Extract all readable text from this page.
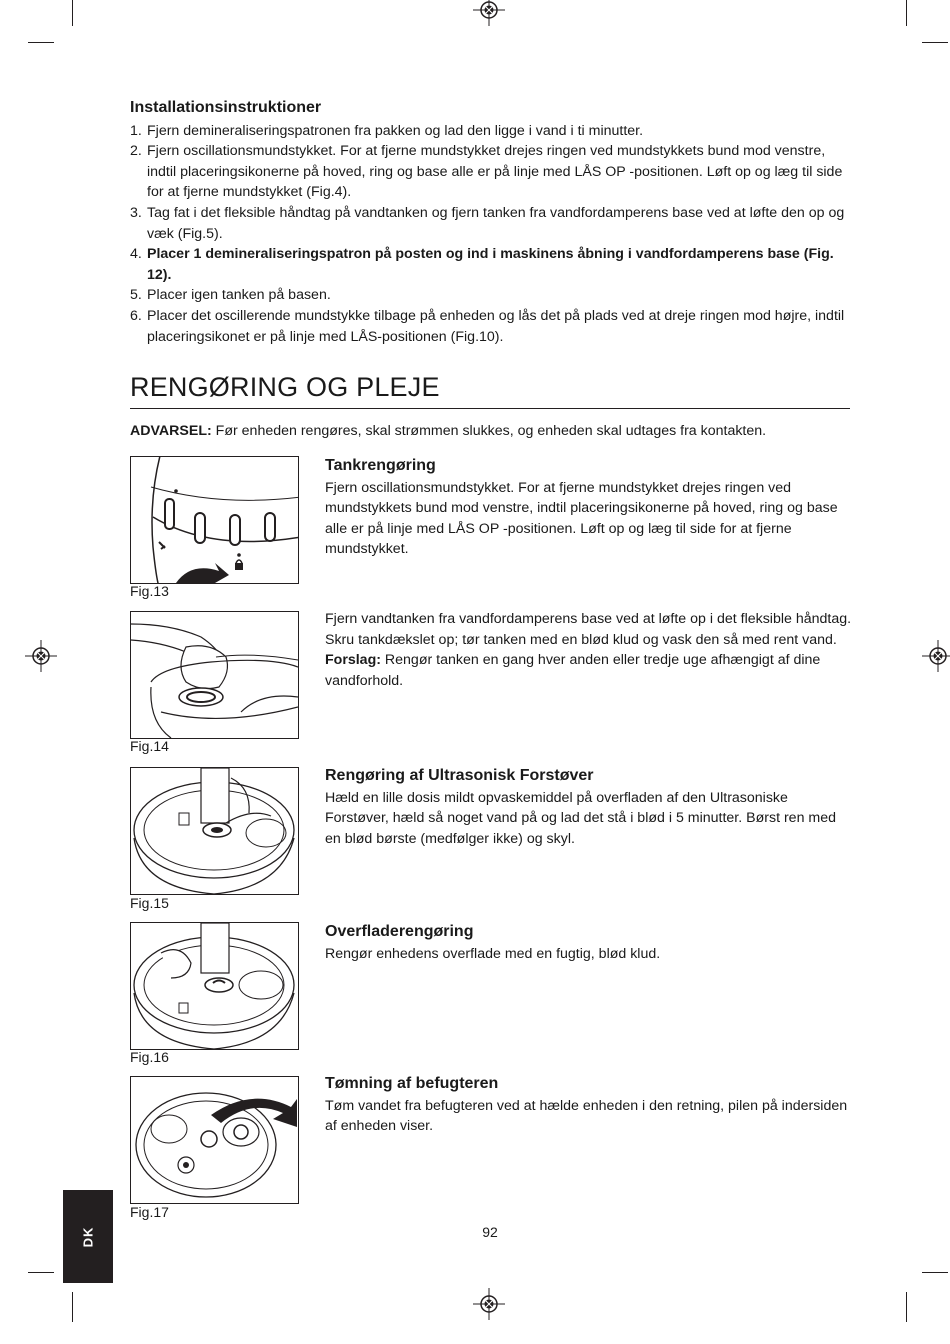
Installationsinstruktioner
1. Fjern demineraliseringspatronen fra pakken og lad den ligge i vand i ti minutter.
2. Fjern oscillationsmundstykket. For at fjerne mundstykket drejes ringen ved mundstykkets bund mod venstre, indtil placeringsikonerne på hoved, ring og base alle er på linje med LÅS OP -positionen. Løft op og læg til side for at fjerne mundstykket (Fig.4).
3. Tag fat i det fleksible håndtag på vandtanken og fjern tanken fra vandfordamperens base ved at løfte den op og væk (Fig.5).
4. Placer 1 demineraliseringspatron på posten og ind i maskinens åbning i vandfordamperens base (Fig. 12).
5. Placer igen tanken på basen.
6. Placer det oscillerende mundstykke tilbage på enheden og lås det på plads ved at dreje ringen mod højre, indtil placeringsikonet er på linje med LÅS-positionen (Fig.10).
RENGØRING OG PLEJE
ADVARSEL: Før enheden rengøres, skal strømmen slukkes, og enheden skal udtages fra kontakten.
Fig.13
Fig.14
Fig.15
Fig.16
Fig.17
Tankrengøring

Fjern oscillationsmundstykket. For at fjerne mundstykket drejes ringen ved mundstykkets bund mod venstre, indtil placeringsikonerne på hoved, ring og base alle er på linje med LÅS OP -positionen. Løft op og læg til side for at fjerne mundstykket.

Fjern vandtanken fra vandfordamperens base ved at løfte op i det fleksible håndtag. Skru tankdækslet op; tør tanken med en blød klud og vask den så med rent vand.

Forslag: Rengør tanken en gang hver anden eller tredje uge afhængigt af dine vandforhold.

Rengøring af Ultrasonisk Forstøver

Hæld en lille dosis mildt opvaskemiddel på overfladen af den Ultrasoniske Forstøver, hæld så noget vand på og lad det stå i blød i 5 minutter. Børst ren med en blød børste (medfølger ikke) og skyl.

Overfladerengøring

Rengør enhedens overflade med en fugtig, blød klud.

Tømning af befugteren

Tøm vandet fra befugteren ved at hælde enheden i den retning, pilen på indersiden af enheden viser.

DK	92
